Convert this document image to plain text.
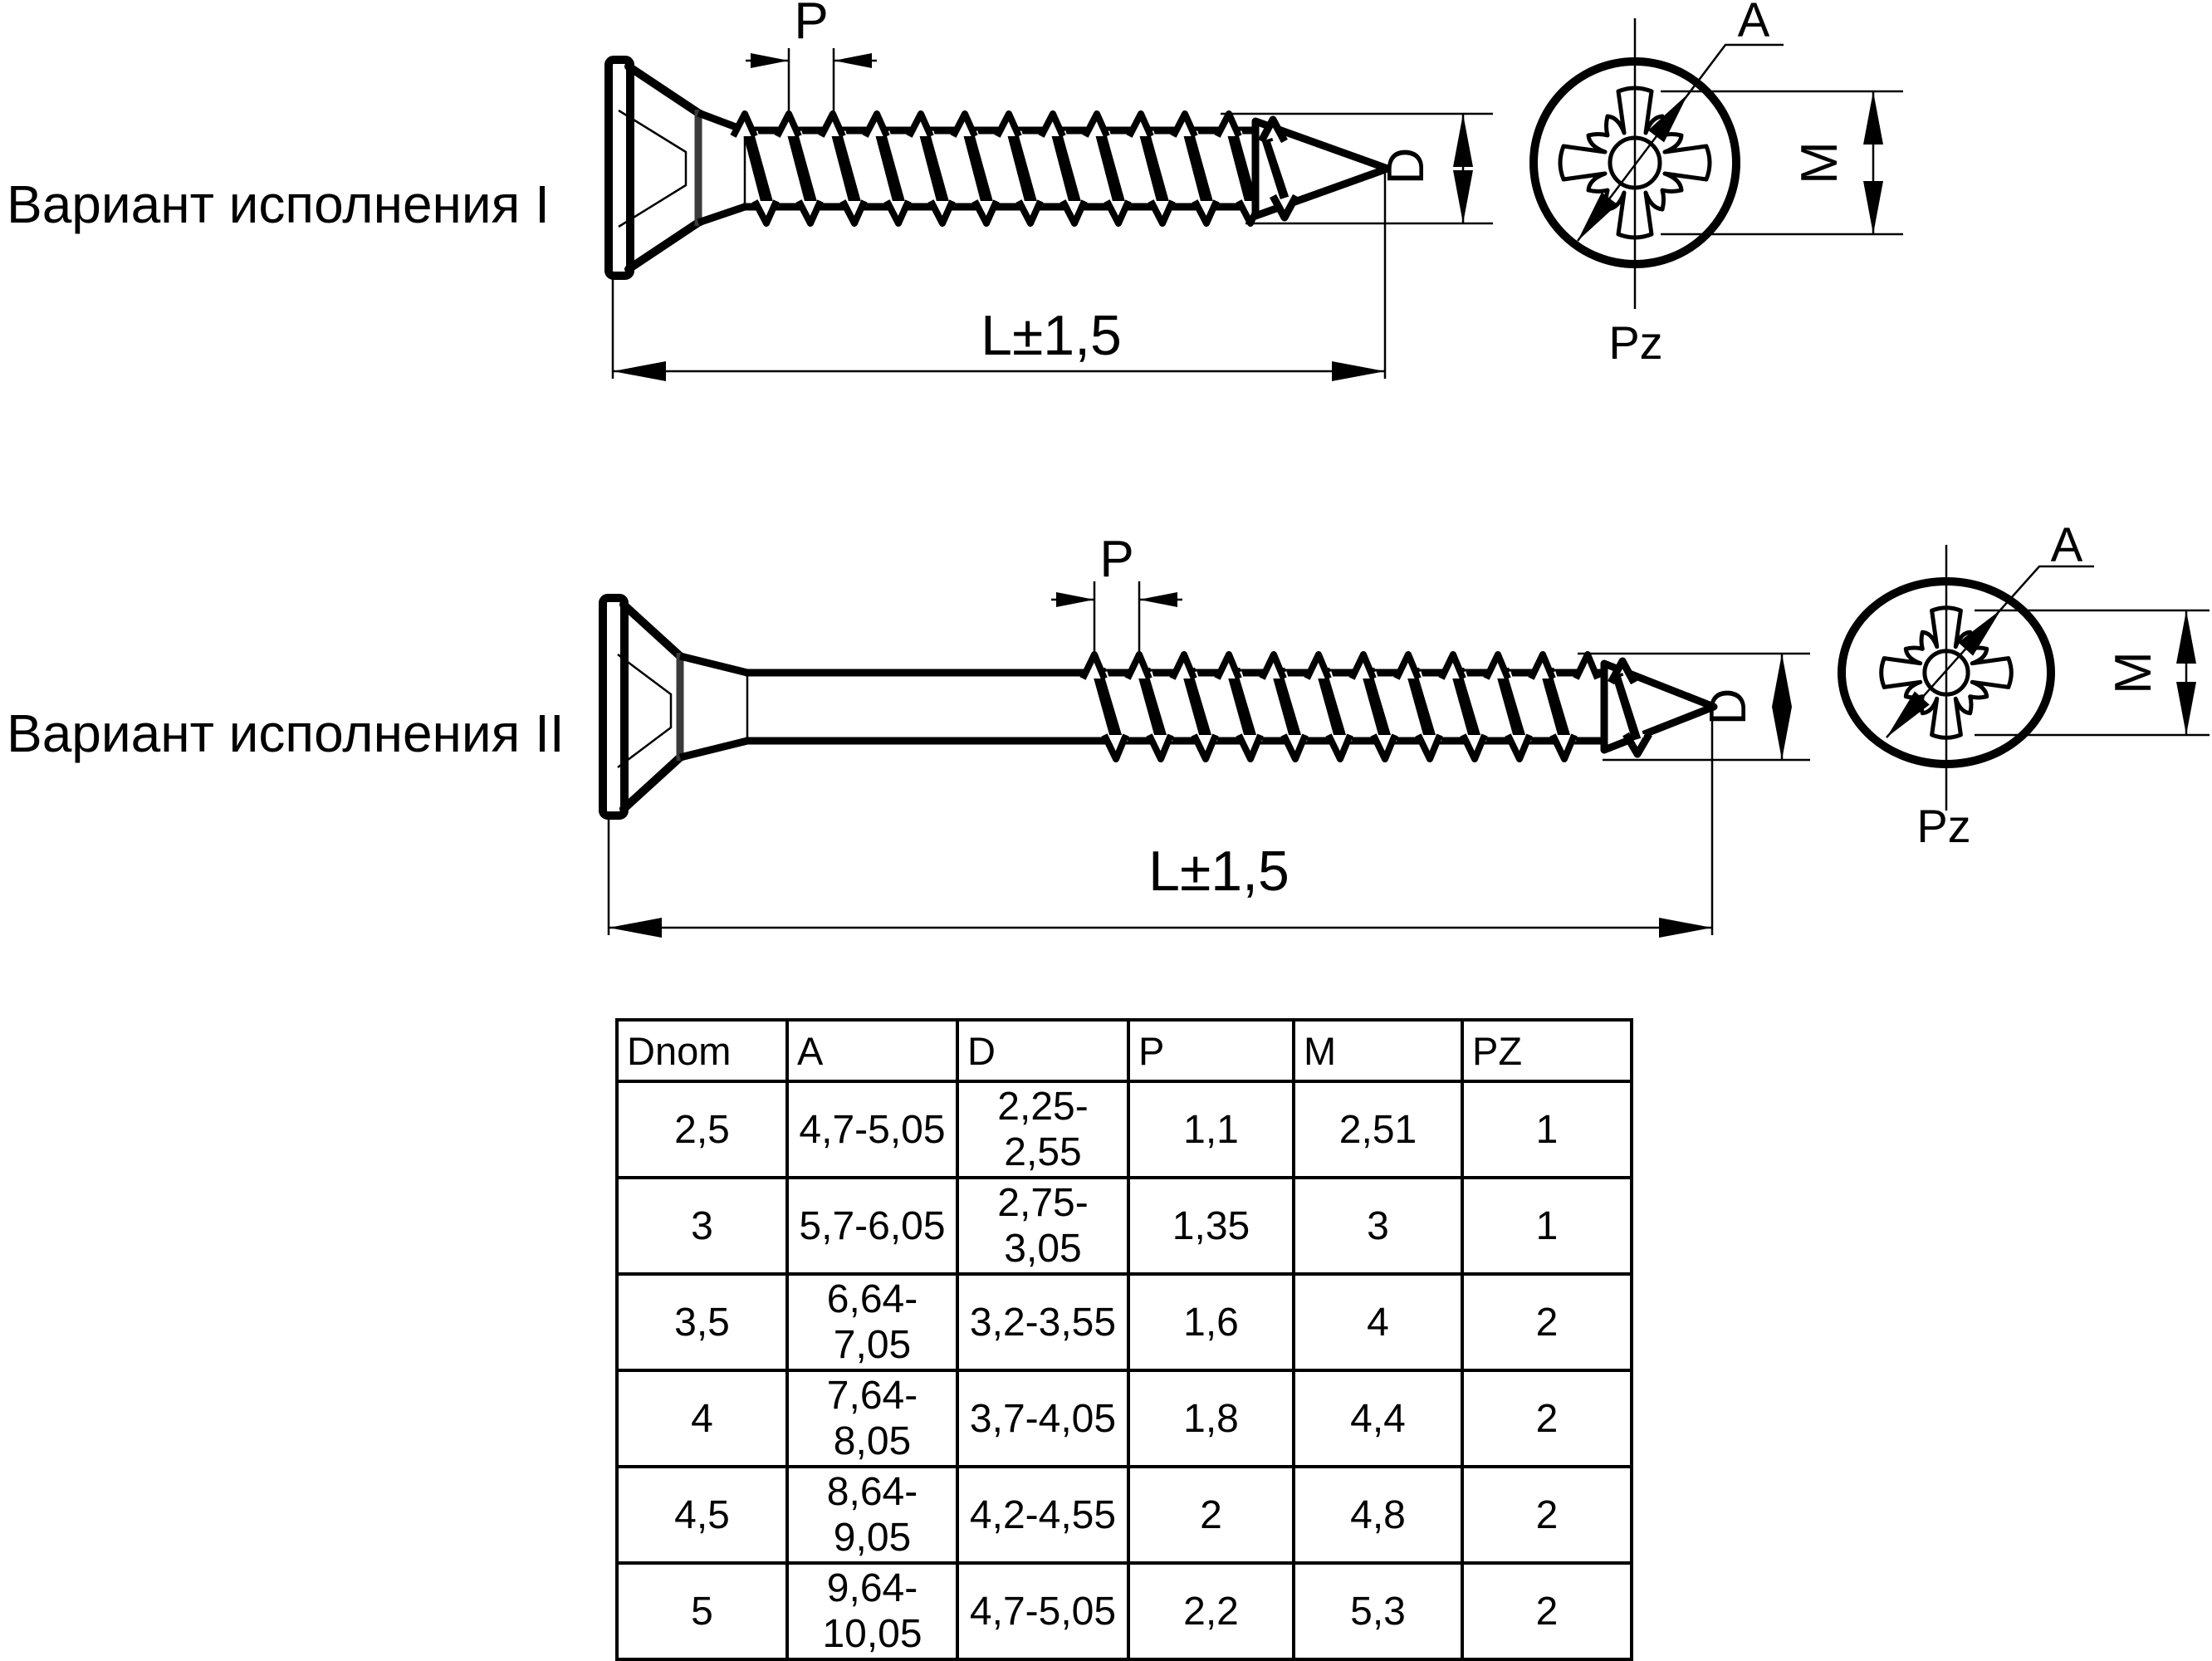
Вариант исполнения I
Вариант исполнения II
P
L±1,5
D
A
M
Pz
P
L±1,5
D
A
M
Pz
Dnom	A	D	P	M	PZ
2,5	4,7-5,05	2,25-2,55	1,1	2,51	1
3	5,7-6,05	2,75-3,05	1,35	3	1
3,5	6,64-7,05	3,2-3,55	1,6	4	2
4	7,64-8,05	3,7-4,05	1,8	4,4	2
4,5	8,64-9,05	4,2-4,55	2	4,8	2
5	9,64-10,05	4,7-5,05	2,2	5,3	2
